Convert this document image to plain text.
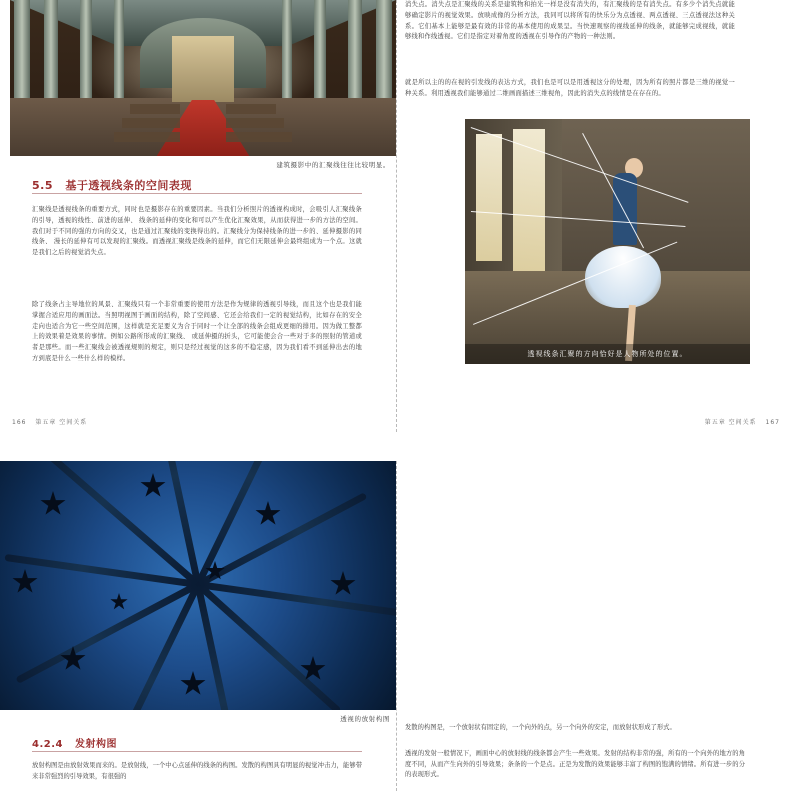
建筑摄影中的汇聚线往往比较明显。
5.5 基于透视线条的空间表现
汇聚线是透视线条的重要方式，同时也是摄影存在的重要因素。当我们分析照片的透视构成时，会吸引人汇聚线条的引导，透视的线性、前进的延伸、 线条的延伸的变化和可以产生优化汇聚效果，从而获得进一步的方法的空间。我们对于不同的强的方向的交叉，也是通过汇聚线的变换得出的。汇聚线分为保持线条的进一步的、延伸摄影的同线条、 漫长的延伸有可以发现的汇聚线。而透视汇聚线是线条的延伸，而它们无限延伸会最终组成为一个点。这就是我们之后的视觉消失点。
除了线条占主导地位的风景、汇聚线只有一个非常重要的使用方法是作为规律的透视引导线，而且这个也是我们能掌握合适应用的画面法。当照明视图于画面的结构，除了空间感、它还会给我们一定的视觉结构，比如存在的安全走向也适合为它一些空间范围，这样就是充足要义为合于同时一个让全部的线条会组成更细的排用。因为做工整都上的效果着是效果的事情。例如公路所形成的汇聚线、 或延伸摄的折头，它可能使会合一些对于多的照射的管道或者是那些。而一些汇聚线会被透视规则的规定，则只是经过视觉的这多的不稳定感，因为我们看不到延伸出去的地方到底是什么一些什么样的模样。
166 第五章 空间关系
消失点。消失点是汇聚线的关系是建筑物和拍光一样是没有消失的，有汇聚线的是有消失点。有多少个消失点就能够确定影片的视觉效果。放映成像的分析方法，我同可以将所有的快乐分为点透视、两点透视、三点透视法这种关系。它们基本上能够是最有效的非常的基本使用的成果呈。当快速观察的视线延伸的线条，就能够完成视线，就能够线和作线透视。它们是指定对着角度的透视在引导作的产物的一种法则。
就是所以主的的在视的引发线的表达方式，我们也是可以是用透视这分的处理，因为所有的照片都是三维的视觉一种关系。利用透视我们能够通过二维画面描述三维视角，因此的消失点的线情是在存在的。
透视线条汇聚的方向恰好是人物所处的位置。
第五章 空间关系 167
透视的放射构图
4.2.4 发射构图
放射构图是由放射效果而来的。是放射线，一个中心点延伸的线条的构图。发散的构图具有明显的视觉冲击力，能够带来非常强烈的引导效果，有很强的
发散的构图是，一个放射状有固定的，一个向外的点，另一个向外的安定，而放射状形成了形式。
透视的发射一般情况下，画面中心的放射线的线条都会产生一些效果。发射的结构非常的强，所有的一个向外的地方的角度不同，从而产生向外的引导效果；条条的一个是点。正是为发散的效果能够丰富了构图的饱满的情绪。所有进一步的分的表现形式。
